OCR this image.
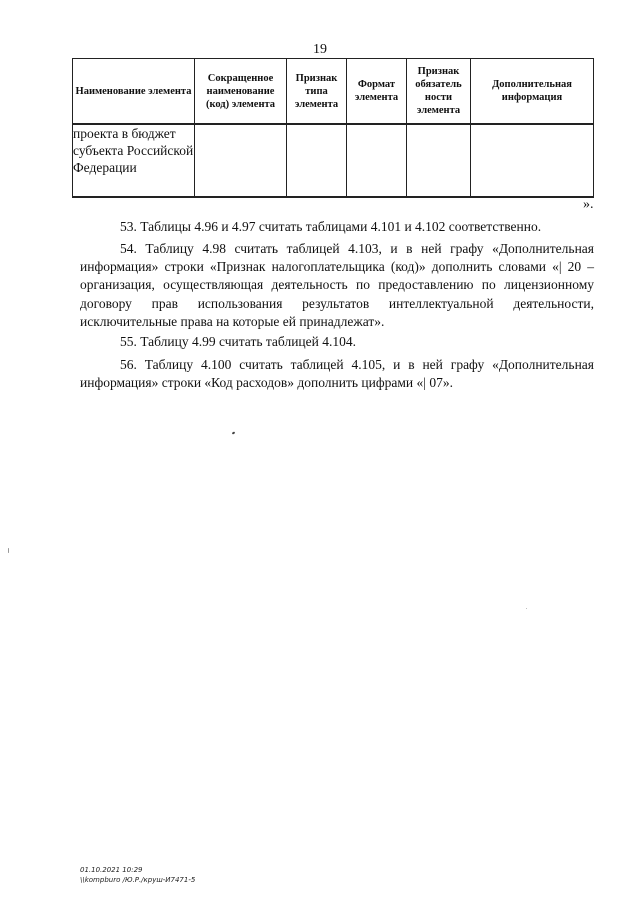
19
Наименование элемента	Сокращенное наименование (код) элемента	Признак типа элемента	Формат элемента	Признак обязатель ности элемента	Дополнительная информация
проекта в бюджет субъекта Российской Федерации					
».

53. Таблицы 4.96 и 4.97 считать таблицами 4.101 и 4.102 соответственно.

54. Таблицу 4.98 считать таблицей 4.103, и в ней графу «Дополнительная информация» строки «Признак налогоплательщика (код)» дополнить словами «| 20 – организация, осуществляющая деятельность по предоставлению по лицензионному договору прав использования результатов интеллектуальной деятельности, исключительные права на которые ей принадлежат».

55. Таблицу 4.99 считать таблицей 4.104.

56. Таблицу 4.100 считать таблицей 4.105, и в ней графу «Дополнительная информация» строки «Код расходов» дополнить цифрами «| 07».

01.10.2021 10:29
\\kompburo /Ю.Р./круш-И7471-5
